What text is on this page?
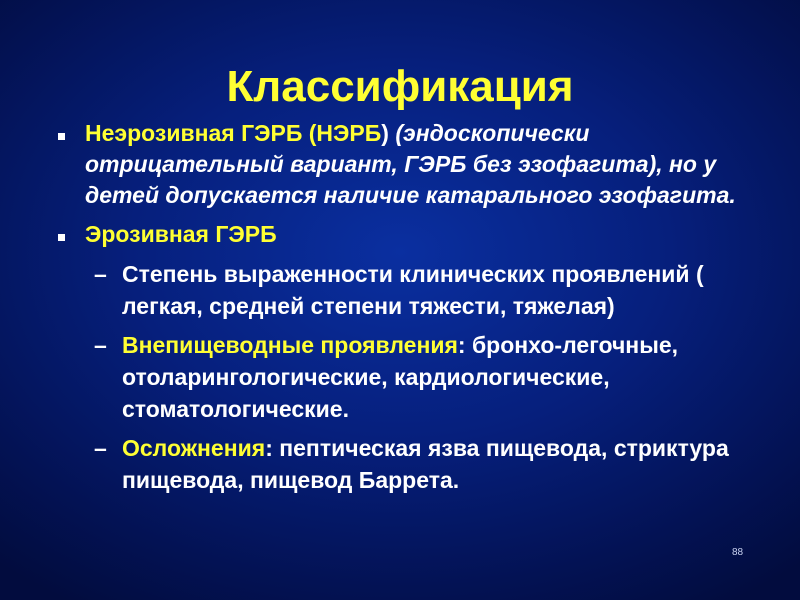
Классификация
Неэрозивная ГЭРБ (НЭРБ) (эндоскопически отрицательный вариант, ГЭРБ без эзофагита), но у детей допускается наличие катарального эзофагита.
Эрозивная ГЭРБ
– Степень выраженности клинических проявлений ( легкая, средней степени тяжести, тяжелая)
– Внепищеводные проявления: бронхо-легочные, отоларингологические, кардиологические, стоматологические.
– Осложнения: пептическая язва пищевода, стриктура пищевода, пищевод Баррета.
88
